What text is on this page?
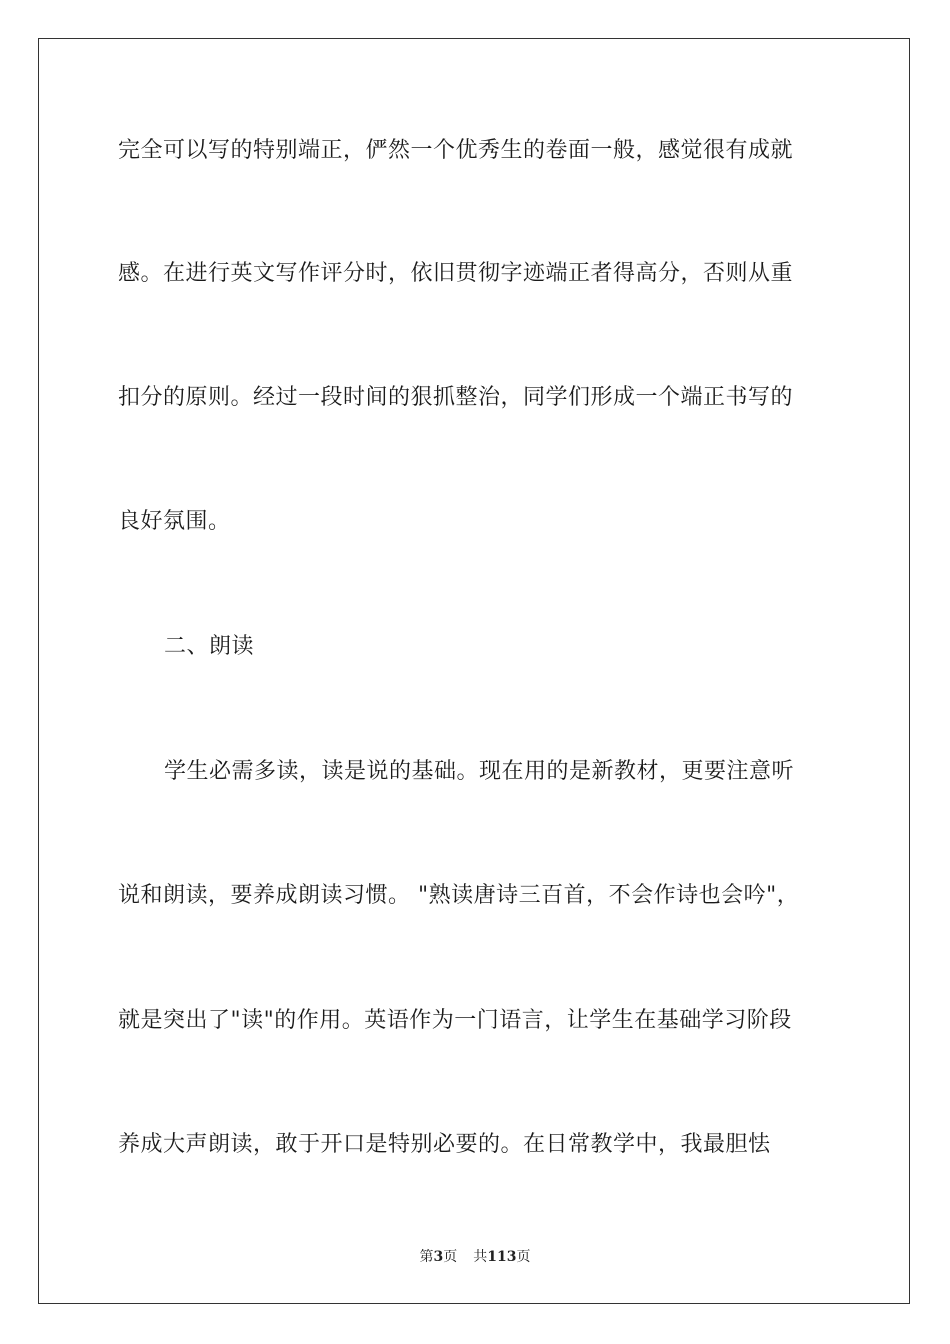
完全可以写的特别端正，俨然一个优秀生的卷面一般，感觉很有成就
感。在进行英文写作评分时，依旧贯彻字迹端正者得高分，否则从重
扣分的原则。经过一段时间的狠抓整治，同学们形成一个端正书写的
良好氛围。
二、朗读
学生必需多读，读是说的基础。现在用的是新教材，更要注意听
说和朗读，要养成朗读习惯。 "熟读唐诗三百首，不会作诗也会吟"，
就是突出了"读"的作用。英语作为一门语言，让学生在基础学习阶段
养成大声朗读，敢于开口是特别必要的。在日常教学中，我最胆怯
第3页 共113页
